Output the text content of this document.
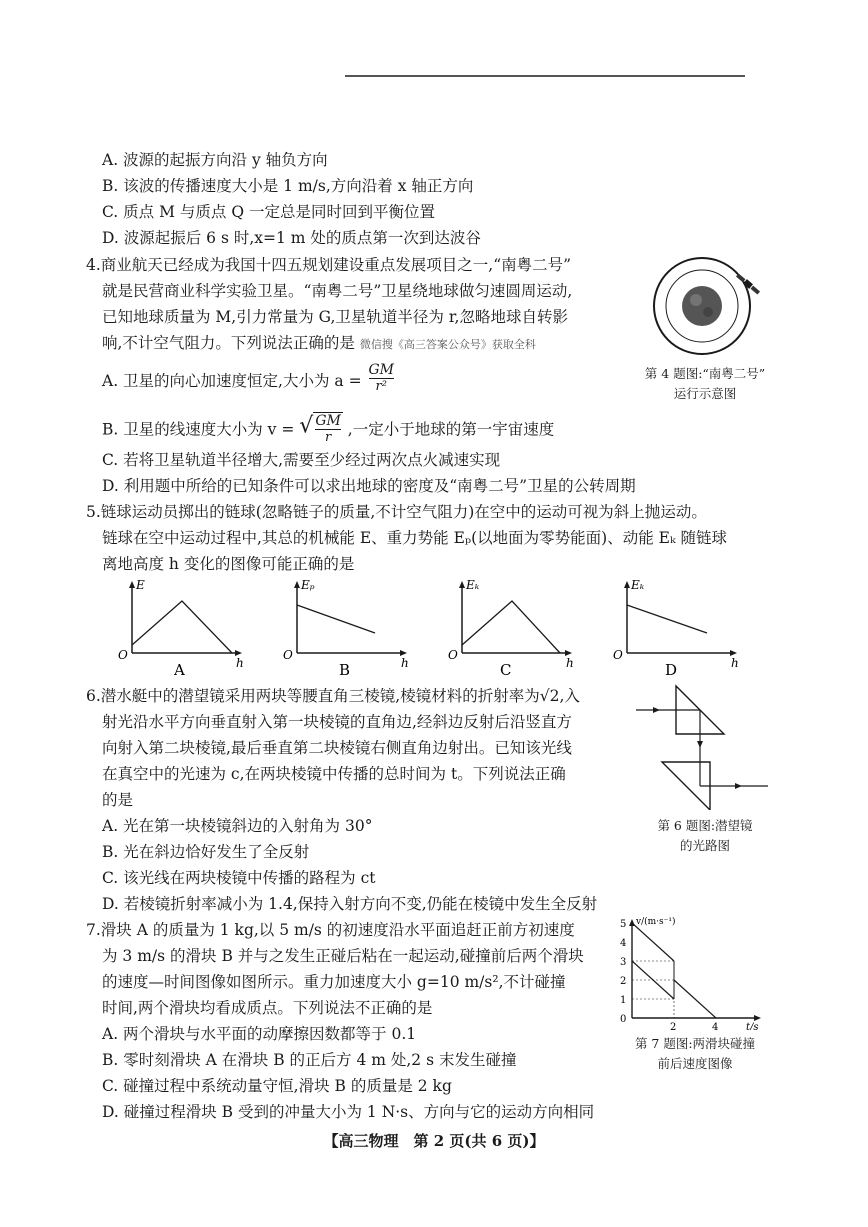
A. 波源的起振方向沿 y 轴负方向
B. 该波的传播速度大小是 1 m/s,方向沿着 x 轴正方向
C. 质点 M 与质点 Q 一定总是同时回到平衡位置
D. 波源起振后 6 s 时,x=1 m 处的质点第一次到达波谷
4.商业航天已经成为我国十四五规划建设重点发展项目之一,“南粤二号”
就是民营商业科学实验卫星。“南粤二号”卫星绕地球做匀速圆周运动,
已知地球质量为 M,引力常量为 G,卫星轨道半径为 r,忽略地球自转影
响,不计空气阻力。下列说法正确的是 微信搜《高三答案公众号》获取全科
A. 卫星的向心加速度恒定,大小为 $a = \frac{GM}{\text{r²}}$
B. 卫星的线速度大小为 v = √ $\frac{GM}{r}$ ,一定小于地球的第一宇宙速度
C. 若将卫星轨道半径增大,需要至少经过两次点火减速实现
D. 利用题中所给的已知条件可以求出地球的密度及“南粤二号”卫星的公转周期
第 4 题图:“南粤二号”
运行示意图
5.链球运动员掷出的链球(忽略链子的质量,不计空气阻力)在空中的运动可视为斜上抛运动。
链球在空中运动过程中,其总的机械能 E、重力势能 Eₚ(以地面为零势能面)、动能 Eₖ 随链球
离地高度 h 变化的图像可能正确的是
E
O
h
A
Eₚ
O
h
B
Eₖ
O
h
C
Eₖ
O
h
D
6.潜水艇中的潜望镜采用两块等腰直角三棱镜,棱镜材料的折射率为√2,入
射光沿水平方向垂直射入第一块棱镜的直角边,经斜边反射后沿竖直方
向射入第二块棱镜,最后垂直第二块棱镜右侧直角边射出。已知该光线
在真空中的光速为 c,在两块棱镜中传播的总时间为 t。下列说法正确
的是
A. 光在第一块棱镜斜边的入射角为 30°
B. 光在斜边恰好发生了全反射
C. 该光线在两块棱镜中传播的路程为 ct
D. 若棱镜折射率减小为 1.4,保持入射方向不变,仍能在棱镜中发生全反射
第 6 题图:潜望镜
的光路图
7.滑块 A 的质量为 1 kg,以 5 m/s 的初速度沿水平面追赶正前方初速度
为 3 m/s 的滑块 B 并与之发生正碰后粘在一起运动,碰撞前后两个滑块
的速度—时间图像如图所示。重力加速度大小 g=10 m/s²,不计碰撞
时间,两个滑块均看成质点。下列说法不正确的是
A. 两个滑块与水平面的动摩擦因数都等于 0.1
B. 零时刻滑块 A 在滑块 B 的正后方 4 m 处,2 s 末发生碰撞
C. 碰撞过程中系统动量守恒,滑块 B 的质量是 2 kg
D. 碰撞过程滑块 B 受到的冲量大小为 1 N·s、方向与它的运动方向相同
v/(m·s⁻¹)
5
4
3
2
1
0
2	4	t/s
第 7 题图:两滑块碰撞
前后速度图像
【高三物理　第 2 页(共 6 页)】
